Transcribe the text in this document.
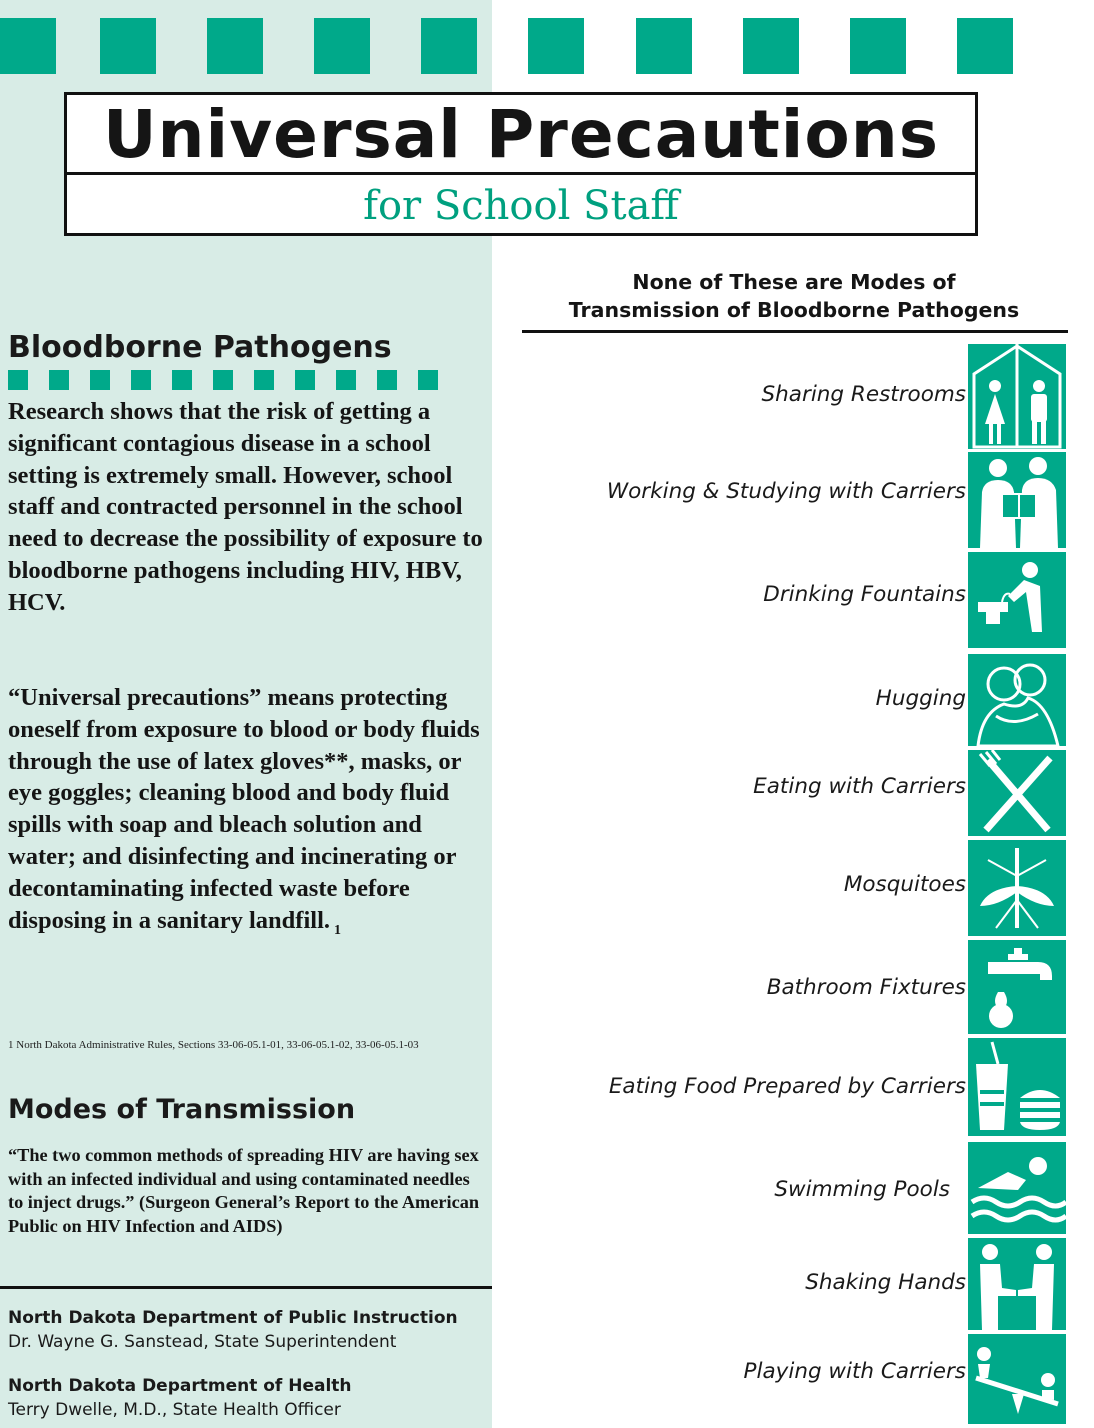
Universal Precautions
for School Staff
Bloodborne Pathogens

Research shows that the risk of getting a significant contagious disease in a school setting is extremely small. However, school staff and contracted personnel in the school need to decrease the possibility of exposure to bloodborne pathogens including HIV, HBV, HCV.

“Universal precautions” means protecting oneself from exposure to blood or body fluids through the use of latex gloves**, masks, or eye goggles; cleaning blood and body fluid spills with soap and bleach solution and water; and disinfecting and incinerating or decontaminating infected waste before disposing in a sanitary landfill. $_1$

1 North Dakota Administrative Rules, Sections 33-06-05.1-01, 33-06-05.1-02, 33-06-05.1-03
Modes of Transmission

“The two common methods of spreading HIV are having sex with an infected individual and using contaminated needles to inject drugs.” (Surgeon General’s Report to the American Public on HIV Infection and AIDS)

North Dakota Department of Public Instruction
Dr. Wayne G. Sanstead, State Superintendent
North Dakota Department of Health
Terry Dwelle, M.D., State Health Officer
None of These are Modes of
Transmission of Bloodborne Pathogens
Sharing Restrooms
Working & Studying with Carriers
Drinking Fountains
Hugging
Eating with Carriers
Mosquitoes
Bathroom Fixtures
Eating Food Prepared by Carriers
Swimming Pools
Shaking Hands
Playing with Carriers
